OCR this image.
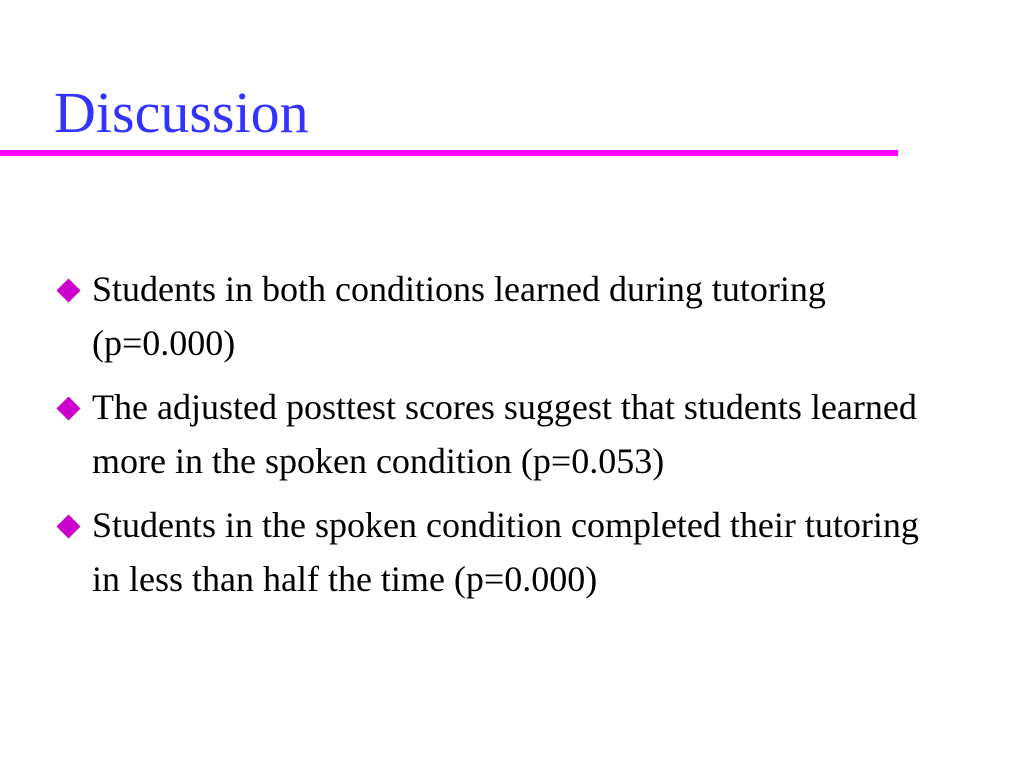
Discussion
Students in both conditions learned during tutoring (p=0.000)
The adjusted posttest scores suggest that students learned more in the spoken condition (p=0.053)
Students in the spoken condition completed their tutoring in less than half the time (p=0.000)
